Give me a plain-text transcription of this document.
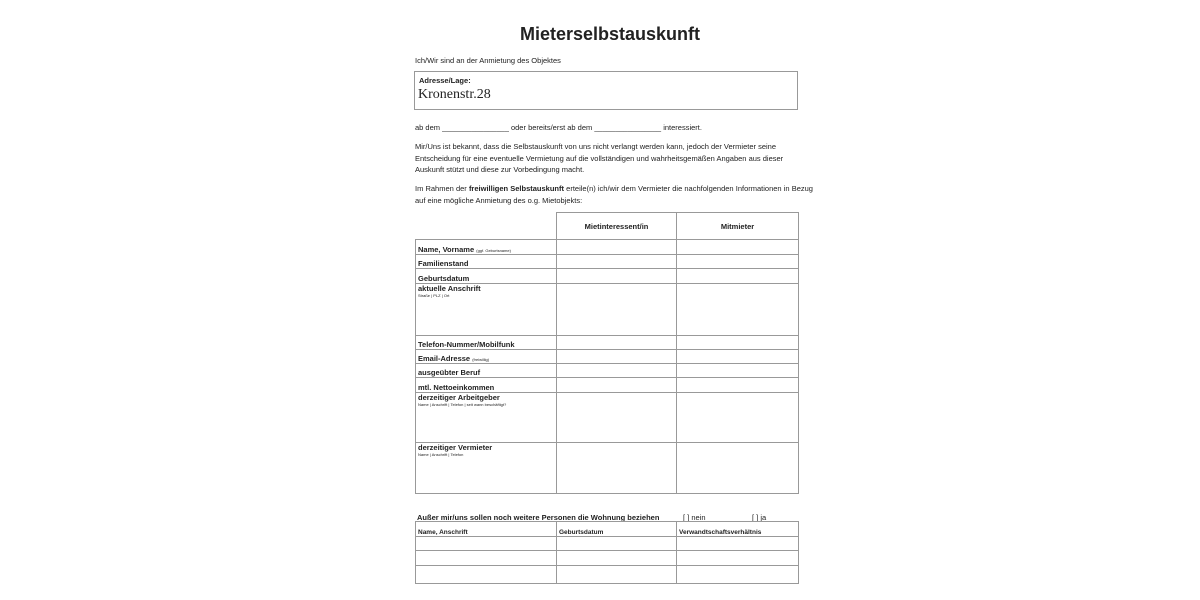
Mieterselbstauskunft
Ich/Wir sind an der Anmietung des Objektes
Adresse/Lage:
Kronenstr.28
ab dem ________________ oder bereits/erst ab dem ________________ interessiert.
Mir/Uns ist bekannt, dass die Selbstauskunft von uns nicht verlangt werden kann, jedoch der Vermieter seine Entscheidung für eine eventuelle Vermietung auf die vollständigen und wahrheitsgemäßen Angaben aus dieser Auskunft stützt und diese zur Vorbedingung macht.
Im Rahmen der freiwilligen Selbstauskunft erteile(n) ich/wir dem Vermieter die nachfolgenden Informationen in Bezug auf eine mögliche Anmietung des o.g. Mietobjekts:
	Mietinteressent/in	Mitmieter
Name, Vorname (ggf. Geburtsname)		
Familienstand		
Geburtsdatum		

aktuelle Anschrift
Straße | PLZ | Ort		

Telefon-Nummer/Mobilfunk		
Email-Adresse (freiwillig)		
ausgeübter Beruf		
mtl. Nettoeinkommen		

derzeitiger Arbeitgeber
Name | Anschrift | Telefon | seit wann beschäftigt?		

derzeitiger Vermieter
Name | Anschrift | Telefon		

Außer mir/uns sollen noch weitere Personen die Wohnung beziehen	[ ] nein	[ ] ja
Name, Anschrift	Geburtsdatum	Verwandtschaftsverhältnis
